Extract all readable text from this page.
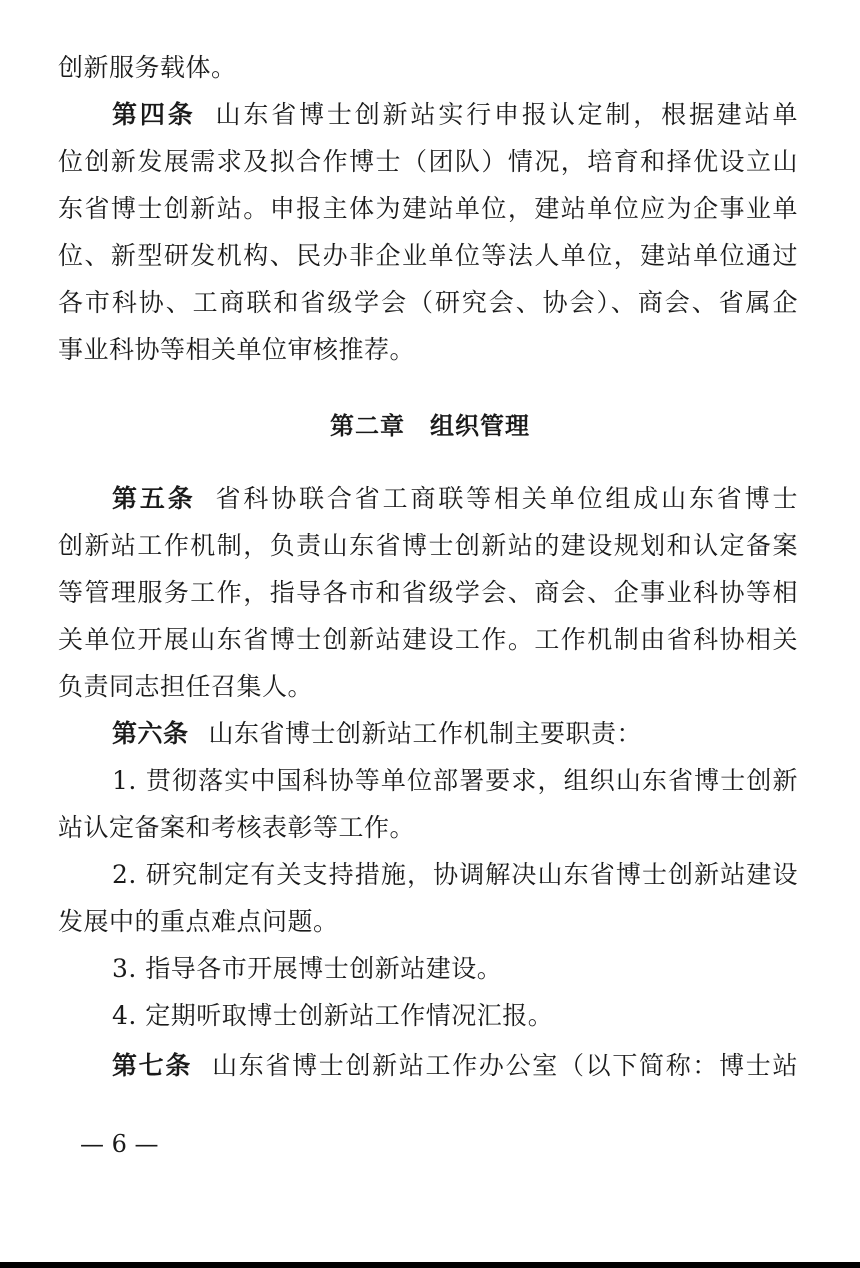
创新服务载体。
第四条 山东省博士创新站实行申报认定制，根据建站单
位创新发展需求及拟合作博士（团队）情况，培育和择优设立山
东省博士创新站。申报主体为建站单位，建站单位应为企事业单
位、新型研发机构、民办非企业单位等法人单位，建站单位通过
各市科协、工商联和省级学会（研究会、协会）、商会、省属企
事业科协等相关单位审核推荐。
第二章　组织管理
第五条 省科协联合省工商联等相关单位组成山东省博士
创新站工作机制，负责山东省博士创新站的建设规划和认定备案
等管理服务工作，指导各市和省级学会、商会、企事业科协等相
关单位开展山东省博士创新站建设工作。工作机制由省科协相关
负责同志担任召集人。
第六条 山东省博士创新站工作机制主要职责：
1. 贯彻落实中国科协等单位部署要求，组织山东省博士创新
站认定备案和考核表彰等工作。
2. 研究制定有关支持措施，协调解决山东省博士创新站建设
发展中的重点难点问题。
3. 指导各市开展博士创新站建设。
4. 定期听取博士创新站工作情况汇报。
第七条 山东省博士创新站工作办公室（以下简称：博士站
— 6 —
